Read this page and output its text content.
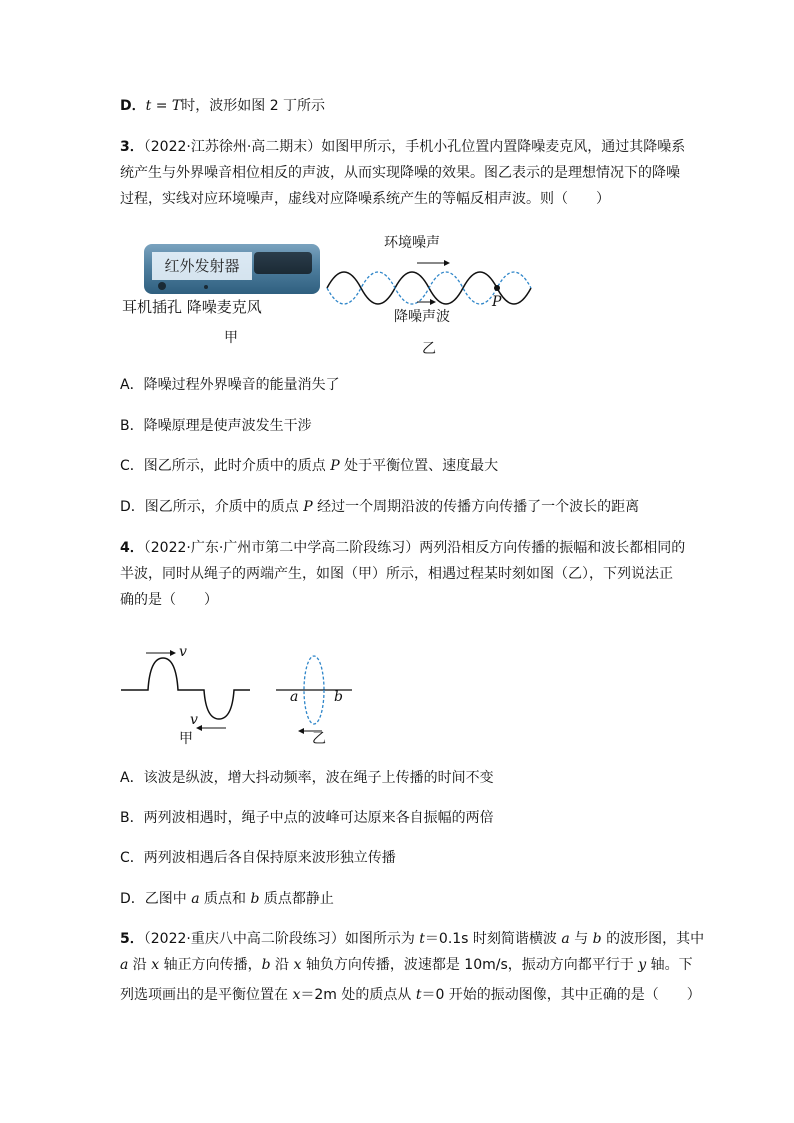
D．t = T时，波形如图 2 丁所示
3．（2022·江苏徐州·高二期末）如图甲所示，手机小孔位置内置降噪麦克风，通过其降噪系
统产生与外界噪音相位相反的声波，从而实现降噪的效果。图乙表示的是理想情况下的降噪
过程，实线对应环境噪声，虚线对应降噪系统产生的等幅反相声波。则（　　）
红外发射器
耳机插孔 降噪麦克风
甲
环境噪声
降噪声波
P
乙
A．降噪过程外界噪音的能量消失了
B．降噪原理是使声波发生干涉
C．图乙所示，此时介质中的质点 P 处于平衡位置、速度最大
D．图乙所示，介质中的质点 P 经过一个周期沿波的传播方向传播了一个波长的距离
4．（2022·广东·广州市第二中学高二阶段练习）两列沿相反方向传播的振幅和波长都相同的
半波，同时从绳子的两端产生，如图（甲）所示，相遇过程某时刻如图（乙），下列说法正
确的是（　　）
v
v
甲
a	b
乙
A．该波是纵波，增大抖动频率，波在绳子上传播的时间不变
B．两列波相遇时，绳子中点的波峰可达原来各自振幅的两倍
C．两列波相遇后各自保持原来波形独立传播
D．乙图中 a 质点和 b 质点都静止
5．（2022·重庆八中高二阶段练习）如图所示为 t＝0.1s 时刻简谐横波 a 与 b 的波形图，其中
a 沿 x 轴正方向传播，b 沿 x 轴负方向传播，波速都是 10m/s，振动方向都平行于 y 轴。下
列选项画出的是平衡位置在 x＝2m 处的质点从 t＝0 开始的振动图像，其中正确的是（　　）
